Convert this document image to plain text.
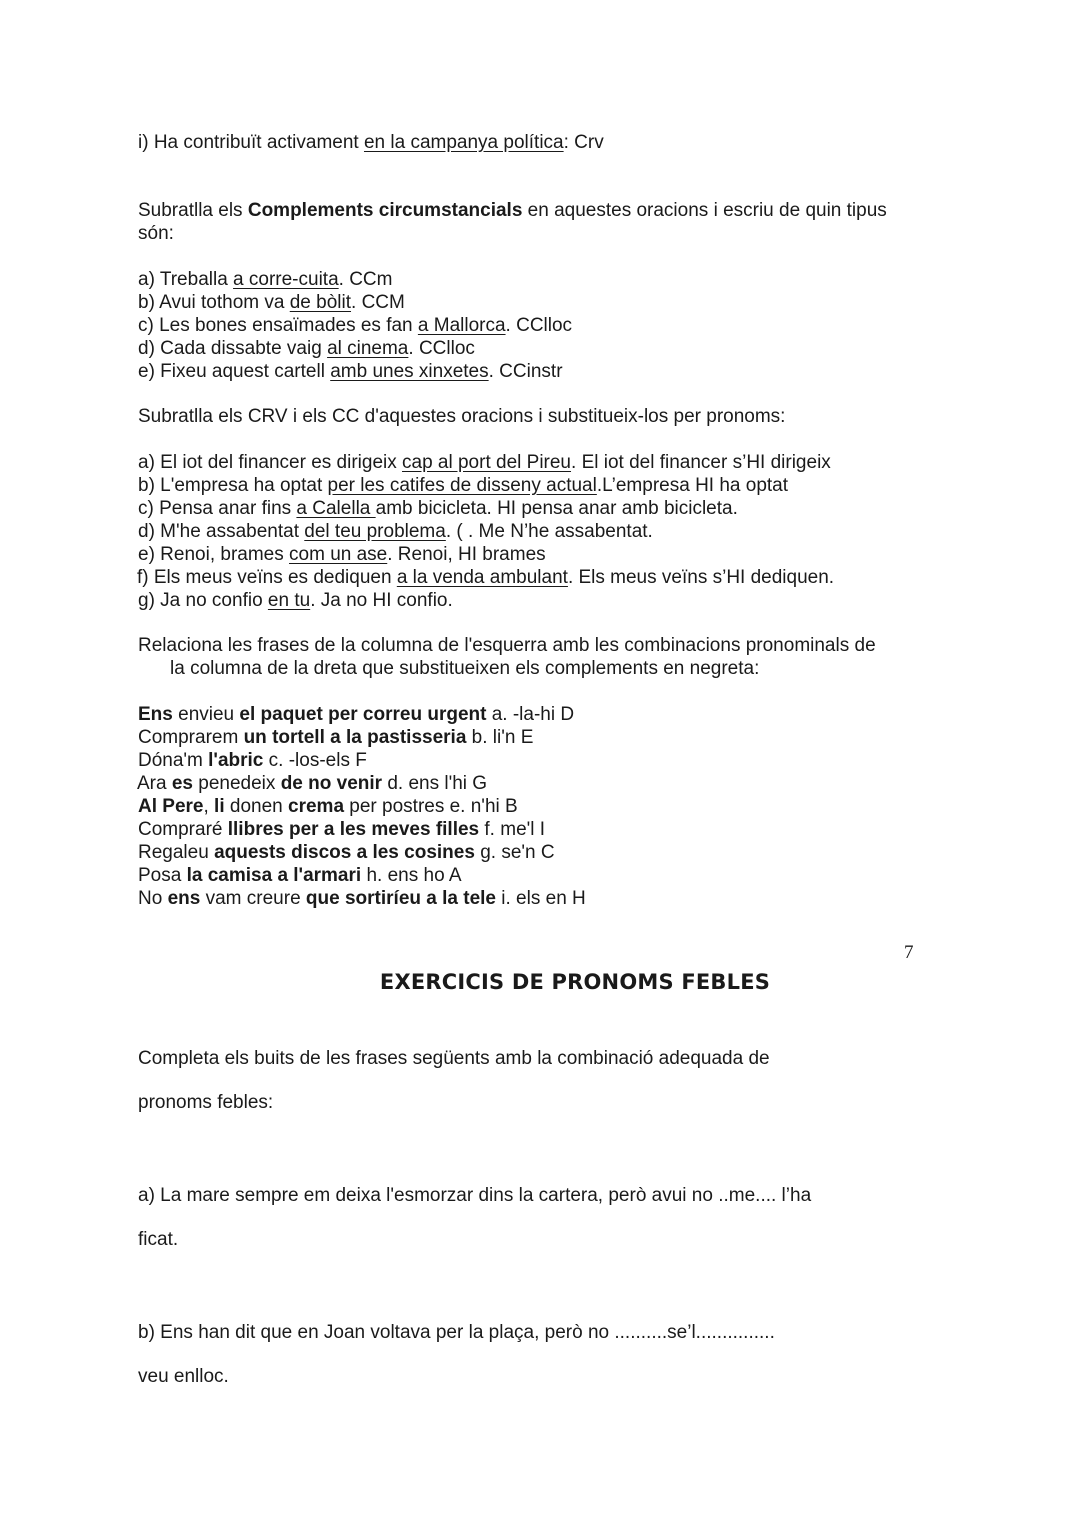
i) Ha contribuït activament en la campanya política: Crv
Subratlla els Complements circumstancials en aquestes oracions i escriu de quin tipus
són:
a) Treballa a corre-cuita. CCm
b) Avui tothom va de bòlit. CCM
c) Les bones ensaïmades es fan a Mallorca. CClloc
d) Cada dissabte vaig al cinema. CClloc
e) Fixeu aquest cartell amb unes xinxetes. CCinstr
Subratlla els CRV i els CC d'aquestes oracions i substitueix-los per pronoms:
a) El iot del financer es dirigeix cap al port del Pireu. El iot del financer s’HI dirigeix
b) L'empresa ha optat per les catifes de disseny actual.L’empresa HI ha optat
c) Pensa anar fins a Calella amb bicicleta. HI pensa anar amb bicicleta.
d) M'he assabentat del teu problema. ( . Me N’he assabentat.
e) Renoi, brames com un ase. Renoi, HI brames
f) Els meus veïns es dediquen a la venda ambulant. Els meus veïns s’HI dediquen.
g) Ja no confio en tu. Ja no HI confio.
Relaciona les frases de la columna de l'esquerra amb les combinacions pronominals de
la columna de la dreta que substitueixen els complements en negreta:
Ens envieu el paquet per correu urgent a. -la-hi D
Comprarem un tortell a la pastisseria b. li'n E
Dóna'm l'abric c. -los-els F
Ara es penedeix de no venir d. ens l'hi G
Al Pere, li donen crema per postres e. n'hi B
Compraré llibres per a les meves filles f. me'l I
Regaleu aquests discos a les cosines g. se'n C
Posa la camisa a l'armari h. ens ho A
No ens vam creure que sortiríeu a la tele i. els en H
7
EXERCICIS DE PRONOMS FEBLES
Completa els buits de les frases següents amb la combinació adequada de
pronoms febles:
a) La mare sempre em deixa l'esmorzar dins la cartera, però avui no ..me.... l’ha
ficat.
b) Ens han dit que en Joan voltava per la plaça, però no ..........se’l...............
veu enlloc.
